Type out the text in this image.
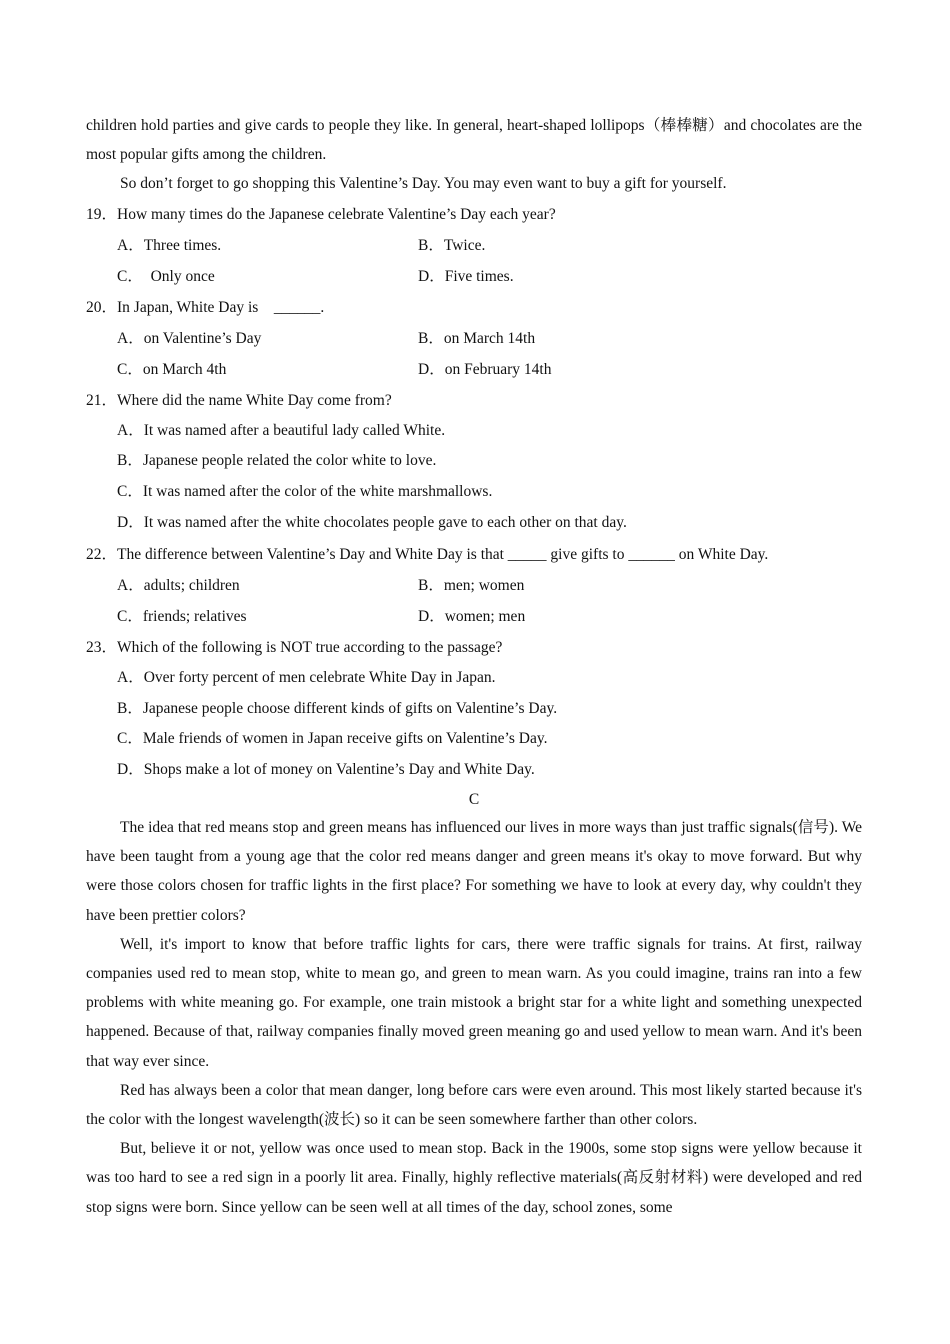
children hold parties and give cards to people they like. In general, heart-shaped lollipops（棒棒糖）and chocolates are the most popular gifts among the children.

So don’t forget to go shopping this Valentine’s Day. You may even want to buy a gift for yourself.

19．How many times do the Japanese celebrate Valentine’s Day each year?

A．Three times.	B．Twice.
C．  Only once	D．Five times.

20．In Japan, White Day is    ______.

A．on Valentine’s Day	B．on March 14th
C．on March 4th	D．on February 14th

21．Where did the name White Day come from?

A．It was named after a beautiful lady called White.

B．Japanese people related the color white to love.

C．It was named after the color of the white marshmallows.

D．It was named after the white chocolates people gave to each other on that day.

22．The difference between Valentine’s Day and White Day is that _____ give gifts to ______ on White Day.

A．adults; children	B．men; women
C．friends; relatives	D．women; men

23．Which of the following is NOT true according to the passage?

A．Over forty percent of men celebrate White Day in Japan.

B．Japanese people choose different kinds of gifts on Valentine’s Day.

C．Male friends of women in Japan receive gifts on Valentine’s Day.

D．Shops make a lot of money on Valentine’s Day and White Day.

C

The idea that red means stop and green means has influenced our lives in more ways than just traffic signals(信号). We have been taught from a young age that the color red means danger and green means it's okay to move forward. But why were those colors chosen for traffic lights in the first place? For something we have to look at every day, why couldn't they have been prettier colors?

Well, it's import to know that before traffic lights for cars, there were traffic signals for trains. At first, railway companies used red to mean stop, white to mean go, and green to mean warn. As you could imagine, trains ran into a few problems with white meaning go. For example, one train mistook a bright star for a white light and something unexpected happened. Because of that, railway companies finally moved green meaning go and used yellow to mean warn. And it's been that way ever since.

Red has always been a color that mean danger, long before cars were even around. This most likely started because it's the color with the longest wavelength(波长) so it can be seen somewhere farther than other colors.

But, believe it or not, yellow was once used to mean stop. Back in the 1900s, some stop signs were yellow because it was too hard to see a red sign in a poorly lit area. Finally, highly reflective materials(高反射材料) were developed and red stop signs were born. Since yellow can be seen well at all times of the day, school zones, some
